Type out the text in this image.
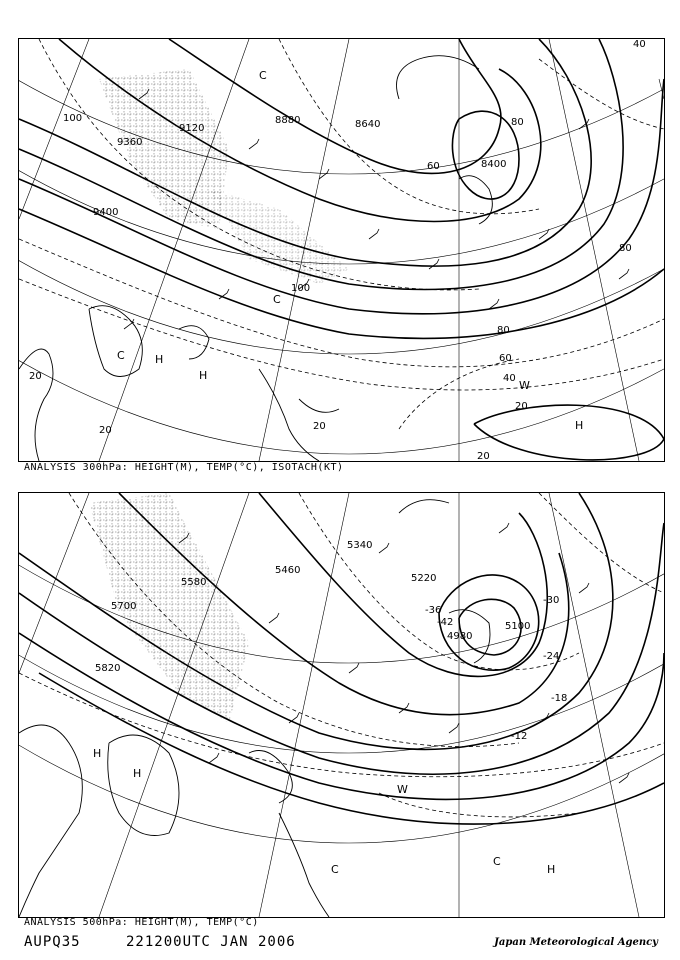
9360
9120
8880	8640
8400
9400
100
100
80
60
40
20
20	20
20
60
80
80
40
20
C
C
C
H
H
H
W
ANALYSIS 300hPa: HEIGHT(M), TEMP(°C), ISOTACH(KT)
5340
5460
5580
5700
5820
5220
5100
4980
-30
-24
-18
-12
-36
-42
H
H
C
C
H
W
ANALYSIS 500hPa: HEIGHT(M), TEMP(°C)
AUPQ35	221200UTC JAN 2006	Japan Meteorological Agency
